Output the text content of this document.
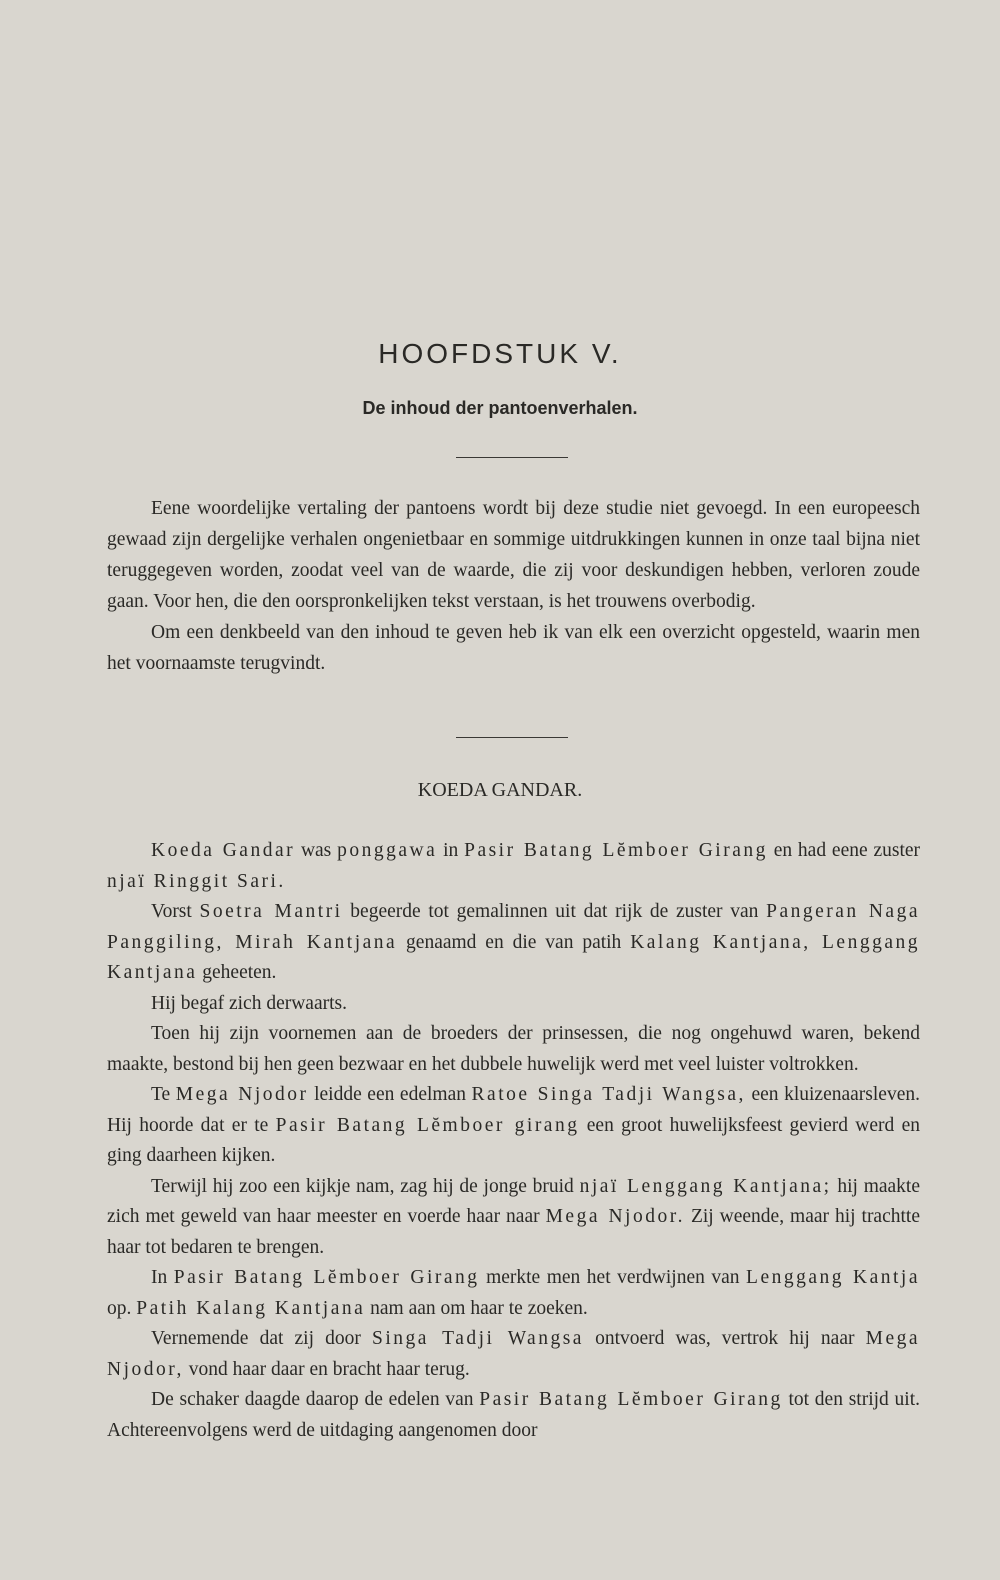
HOOFDSTUK V.
De inhoud der pantoenverhalen.

Eene woordelijke vertaling der pantoens wordt bij deze studie niet gevoegd. In een europeesch gewaad zijn dergelijke verhalen ongenietbaar en sommige uitdrukkingen kunnen in onze taal bijna niet teruggegeven worden, zoodat veel van de waarde, die zij voor deskundigen hebben, verloren zoude gaan. Voor hen, die den oorspronkelijken tekst verstaan, is het trouwens overbodig.

Om een denkbeeld van den inhoud te geven heb ik van elk een overzicht opgesteld, waarin men het voornaamste terugvindt.

KOEDA GANDAR.

Koeda Gandar was ponggawa in Pasir Batang Lĕmboer Girang en had eene zuster njaï Ringgit Sari.

Vorst Soetra Mantri begeerde tot gemalinnen uit dat rijk de zuster van Pangeran Naga Panggiling, Mirah Kantjana genaamd en die van patih Kalang Kantjana, Lenggang Kantjana geheeten.

Hij begaf zich derwaarts.

Toen hij zijn voornemen aan de broeders der prinsessen, die nog ongehuwd waren, bekend maakte, bestond bij hen geen bezwaar en het dubbele huwelijk werd met veel luister voltrokken.

Te Mega Njodor leidde een edelman Ratoe Singa Tadji Wangsa, een kluizenaarsleven. Hij hoorde dat er te Pasir Batang Lĕmboer girang een groot huwelijksfeest gevierd werd en ging daarheen kijken.

Terwijl hij zoo een kijkje nam, zag hij de jonge bruid njaï Lenggang Kantjana; hij maakte zich met geweld van haar meester en voerde haar naar Mega Njodor. Zij weende, maar hij trachtte haar tot bedaren te brengen.

In Pasir Batang Lĕmboer Girang merkte men het verdwijnen van Lenggang Kantja op. Patih Kalang Kantjana nam aan om haar te zoeken.

Vernemende dat zij door Singa Tadji Wangsa ontvoerd was, vertrok hij naar Mega Njodor, vond haar daar en bracht haar terug.

De schaker daagde daarop de edelen van Pasir Batang Lĕmboer Girang tot den strijd uit. Achtereenvolgens werd de uitdaging aangenomen door
